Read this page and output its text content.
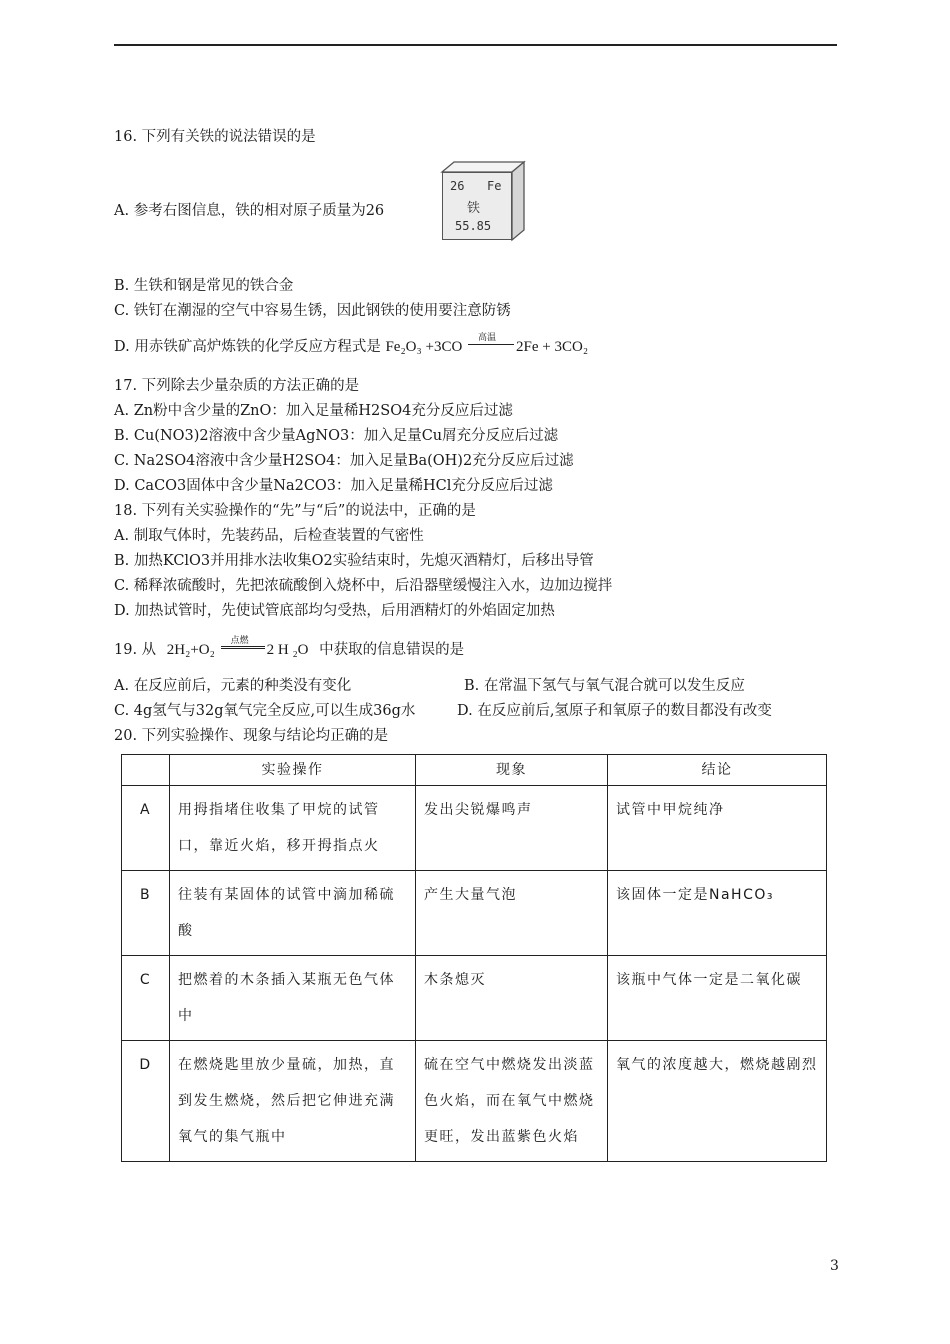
16. 下列有关铁的说法错误的是
A. 参考右图信息，铁的相对原子质量为26
26 Fe
铁
55.85
B. 生铁和钢是常见的铁合金
C. 铁钉在潮湿的空气中容易生锈，因此钢铁的使用要注意防锈
D. 用赤铁矿高炉炼铁的化学反应方程式是 Fe₂O₃ +3CO
高温
2Fe + 3CO₂
17. 下列除去少量杂质的方法正确的是
A. Zn粉中含少量的ZnO：加入足量稀H2SO4充分反应后过滤
B. Cu(NO3)2溶液中含少量AgNO3：加入足量Cu屑充分反应后过滤
C. Na2SO4溶液中含少量H2SO4：加入足量Ba(OH)2充分反应后过滤
D. CaCO3固体中含少量Na2CO3：加入足量稀HCl充分反应后过滤
18. 下列有关实验操作的“先”与“后”的说法中，正确的是
A. 制取气体时，先装药品，后检查装置的气密性
B. 加热KClO3并用排水法收集O2实验结束时，先熄灭酒精灯，后移出导管
C. 稀释浓硫酸时，先把浓硫酸倒入烧杯中，后沿器壁缓慢注入水，边加边搅拌
D. 加热试管时，先使试管底部均匀受热，后用酒精灯的外焰固定加热
19. 从 2H₂+O₂
点燃
2 H ₂O 中获取的信息错误的是
A. 在反应前后，元素的种类没有变化	B. 在常温下氢气与氧气混合就可以发生反应
C. 4g氢气与32g氧气完全反应,可以生成36g水	D. 在反应前后,氢原子和氧原子的数目都没有改变
20. 下列实验操作、现象与结论均正确的是
	实验操作	现象	结论
A	用拇指堵住收集了甲烷的试管口，靠近火焰，移开拇指点火	发出尖锐爆鸣声	试管中甲烷纯净
B	往装有某固体的试管中滴加稀硫酸	产生大量气泡	该固体一定是NaHCO₃
C	把燃着的木条插入某瓶无色气体中	木条熄灭	该瓶中气体一定是二氧化碳
D	在燃烧匙里放少量硫，加热，直到发生燃烧，然后把它伸进充满氧气的集气瓶中	硫在空气中燃烧发出淡蓝色火焰，而在氧气中燃烧更旺，发出蓝紫色火焰	氧气的浓度越大，燃烧越剧烈
3
